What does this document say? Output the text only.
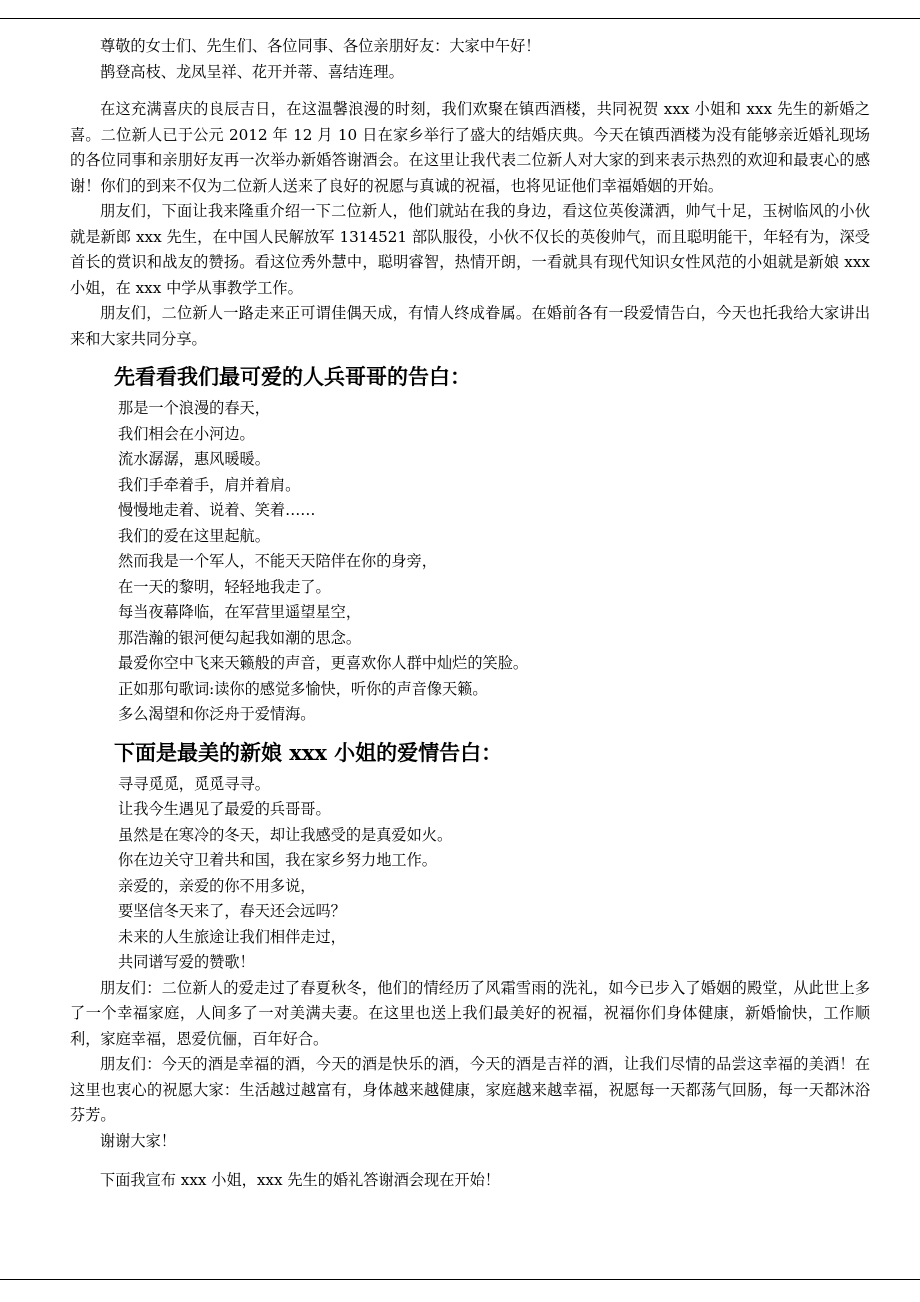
尊敬的女士们、先生们、各位同事、各位亲朋好友：大家中午好！

鹊登高枝、龙凤呈祥、花开并蒂、喜结连理。

在这充满喜庆的良辰吉日，在这温馨浪漫的时刻，我们欢聚在镇西酒楼，共同祝贺 xxx 小姐和 xxx 先生的新婚之喜。二位新人已于公元 2012 年 12 月 10 日在家乡举行了盛大的结婚庆典。今天在镇西酒楼为没有能够亲近婚礼现场的各位同事和亲朋好友再一次举办新婚答谢酒会。在这里让我代表二位新人对大家的到来表示热烈的欢迎和最衷心的感谢！你们的到来不仅为二位新人送来了良好的祝愿与真诚的祝福，也将见证他们幸福婚姻的开始。

朋友们，下面让我来隆重介绍一下二位新人，他们就站在我的身边，看这位英俊潇洒，帅气十足，玉树临风的小伙就是新郎 xxx 先生，在中国人民解放军 1314521 部队服役，小伙不仅长的英俊帅气，而且聪明能干，年轻有为，深受首长的赏识和战友的赞扬。看这位秀外慧中，聪明睿智，热情开朗，一看就具有现代知识女性风范的小姐就是新娘 xxx 小姐，在 xxx 中学从事教学工作。

朋友们，二位新人一路走来正可谓佳偶天成，有情人终成眷属。在婚前各有一段爱情告白，今天也托我给大家讲出来和大家共同分享。

先看看我们最可爱的人兵哥哥的告白：

那是一个浪漫的春天，

我们相会在小河边。

流水潺潺，惠风暖暖。

我们手牵着手，肩并着肩。

慢慢地走着、说着、笑着……

我们的爱在这里起航。

然而我是一个军人，不能天天陪伴在你的身旁，

在一天的黎明，轻轻地我走了。

每当夜幕降临，在军营里遥望星空，

那浩瀚的银河便勾起我如潮的思念。

最爱你空中飞来天籁般的声音，更喜欢你人群中灿烂的笑脸。

正如那句歌词:读你的感觉多愉快，听你的声音像天籁。

多么渴望和你泛舟于爱情海。

下面是最美的新娘 xxx 小姐的爱情告白：

寻寻觅觅，觅觅寻寻。

让我今生遇见了最爱的兵哥哥。

虽然是在寒冷的冬天，却让我感受的是真爱如火。

你在边关守卫着共和国，我在家乡努力地工作。

亲爱的，亲爱的你不用多说，

要坚信冬天来了，春天还会远吗？

未来的人生旅途让我们相伴走过，

共同谱写爱的赞歌！

朋友们：二位新人的爱走过了春夏秋冬，他们的情经历了风霜雪雨的洗礼，如今已步入了婚姻的殿堂，从此世上多了一个幸福家庭，人间多了一对美满夫妻。在这里也送上我们最美好的祝福，祝福你们身体健康，新婚愉快，工作顺利，家庭幸福，恩爱伉俪，百年好合。

朋友们：今天的酒是幸福的酒，今天的酒是快乐的酒，今天的酒是吉祥的酒，让我们尽情的品尝这幸福的美酒！在这里也衷心的祝愿大家：生活越过越富有，身体越来越健康，家庭越来越幸福，祝愿每一天都荡气回肠，每一天都沐浴芬芳。

谢谢大家！

下面我宣布 xxx 小姐，xxx 先生的婚礼答谢酒会现在开始！
